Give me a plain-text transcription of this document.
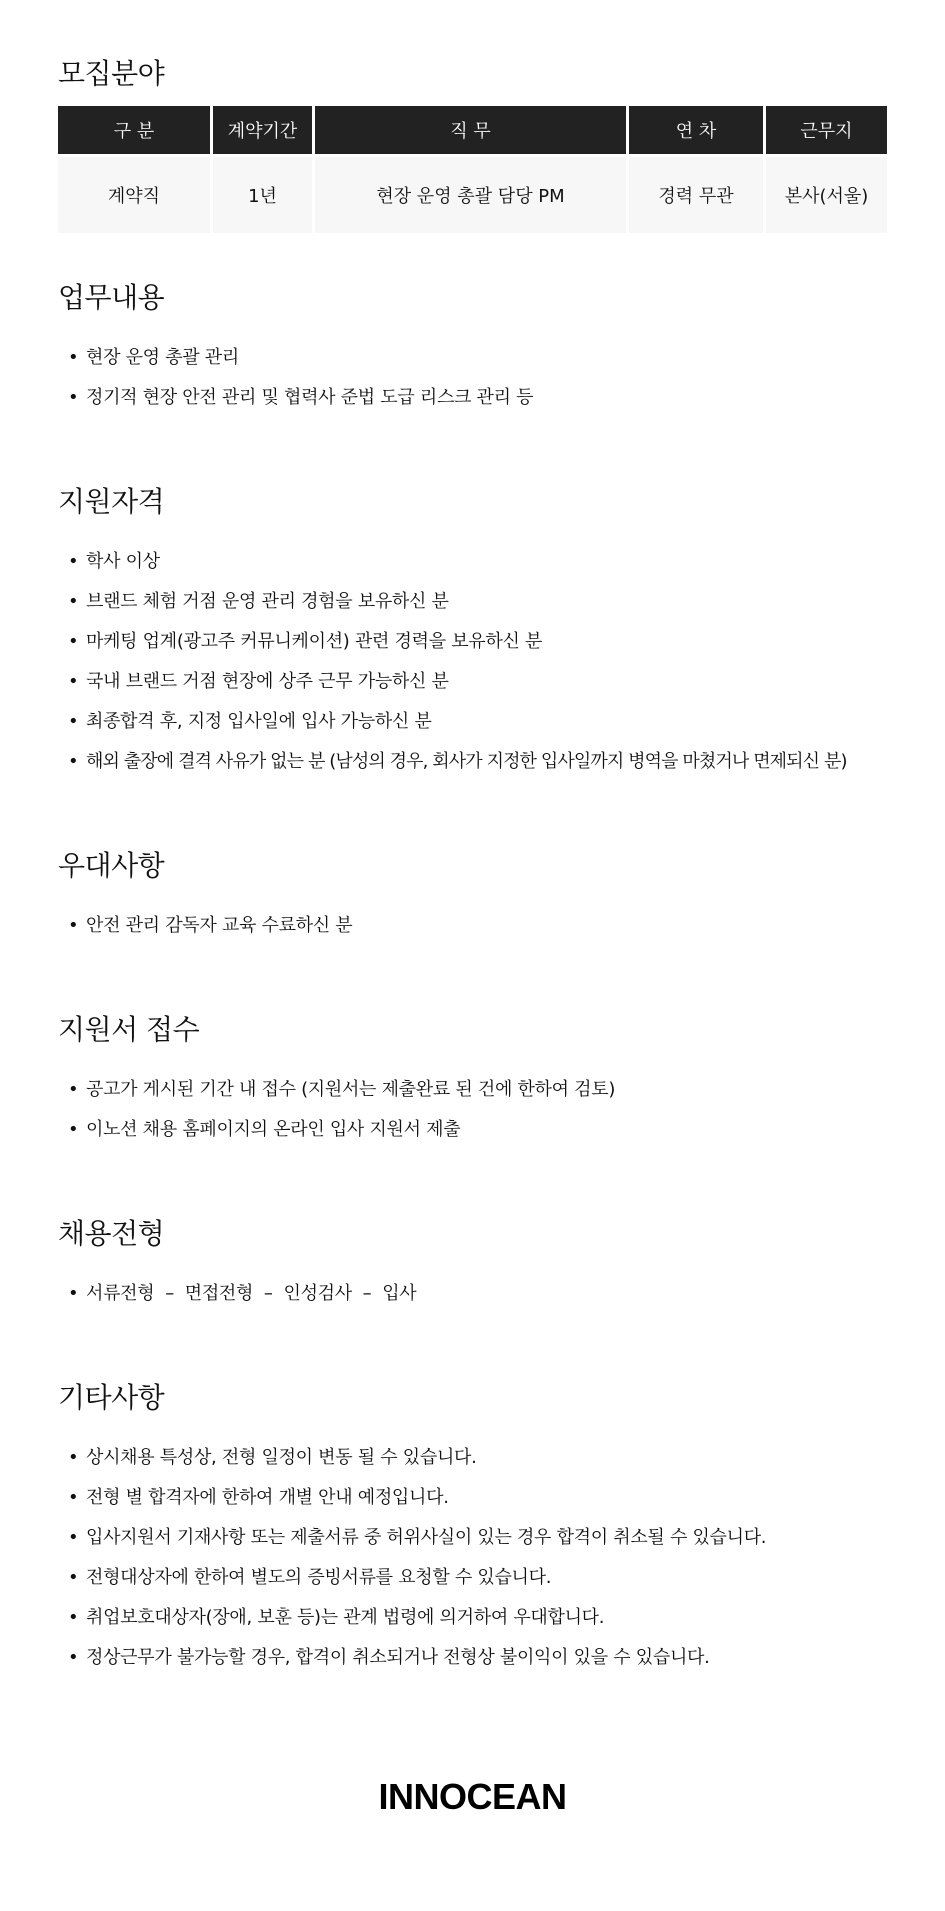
모집분야
구 분	계약기간	직 무	연 차	근무지
계약직	1년	현장 운영 총괄 담당 PM	경력 무관	본사(서울)
업무내용
• 현장 운영 총괄 관리
• 정기적 현장 안전 관리 및 협력사 준법 도급 리스크 관리 등
지원자격
• 학사 이상
• 브랜드 체험 거점 운영 관리 경험을 보유하신 분
• 마케팅 업계(광고주 커뮤니케이션) 관련 경력을 보유하신 분
• 국내 브랜드 거점 현장에 상주 근무 가능하신 분
• 최종합격 후, 지정 입사일에 입사 가능하신 분
• 해외 출장에 결격 사유가 없는 분 (남성의 경우, 회사가 지정한 입사일까지 병역을 마쳤거나 면제되신 분)
우대사항
• 안전 관리 감독자 교육 수료하신 분
지원서 접수
• 공고가 게시된 기간 내 접수 (지원서는 제출완료 된 건에 한하여 검토)
• 이노션 채용 홈페이지의 온라인 입사 지원서 제출
채용전형
• 서류전형  –  면접전형  –  인성검사  –  입사
기타사항
• 상시채용 특성상, 전형 일정이 변동 될 수 있습니다.
• 전형 별 합격자에 한하여 개별 안내 예정입니다.
• 입사지원서 기재사항 또는 제출서류 중 허위사실이 있는 경우 합격이 취소될 수 있습니다.
• 전형대상자에 한하여 별도의 증빙서류를 요청할 수 있습니다.
• 취업보호대상자(장애, 보훈 등)는 관계 법령에 의거하여 우대합니다.
• 정상근무가 불가능할 경우, 합격이 취소되거나 전형상 불이익이 있을 수 있습니다.
INNOCEAN
